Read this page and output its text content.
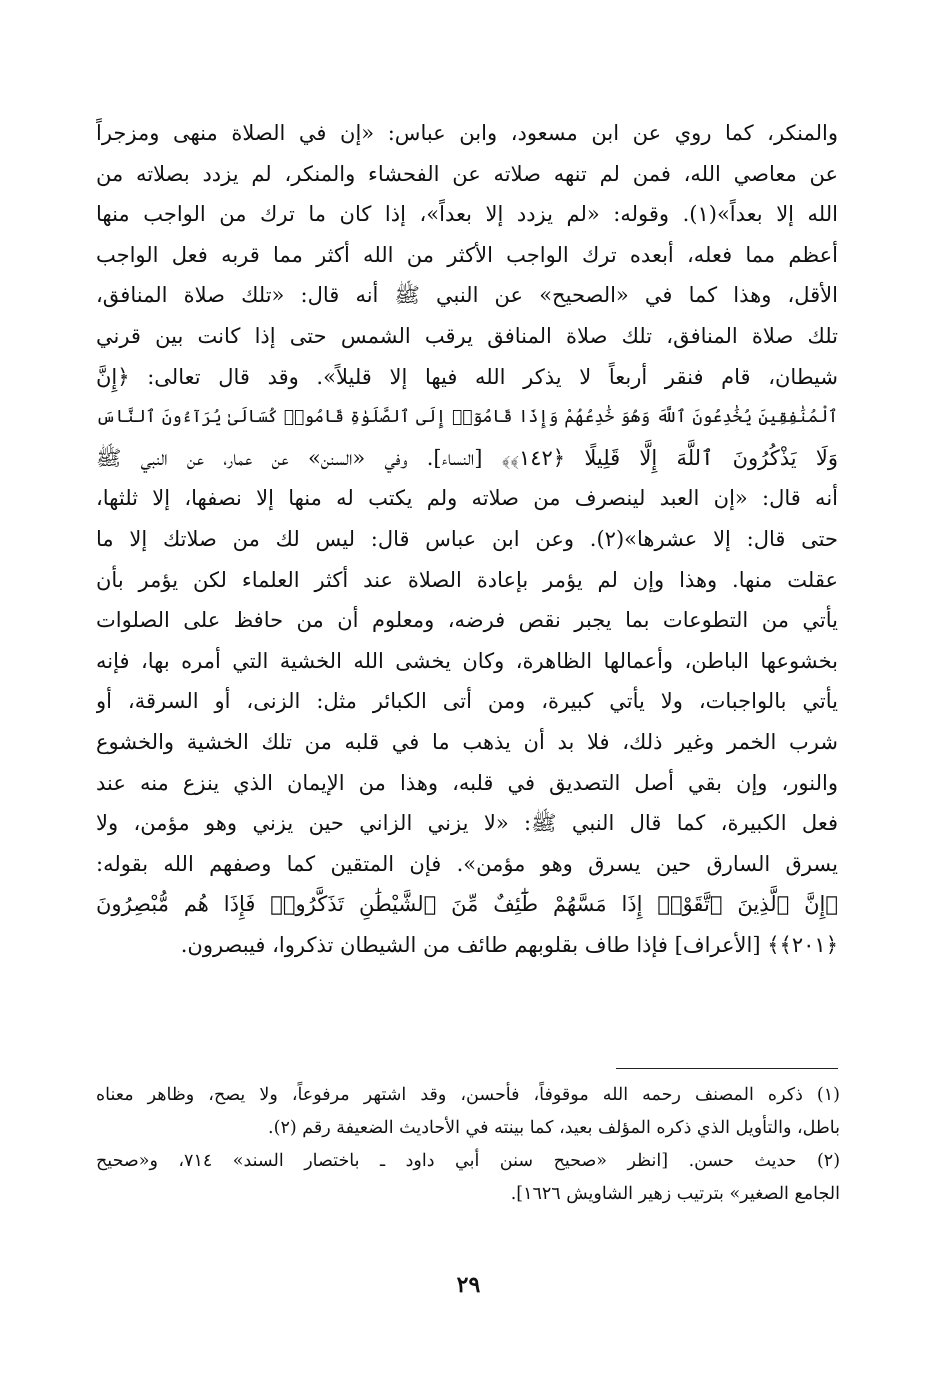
والمنكر، كما روي عن ابن مسعود، وابن عباس: «إن في الصلاة منهى ومزجراً
عن معاصي الله، فمن لم تنهه صلاته عن الفحشاء والمنكر، لم يزدد بصلاته من
الله إلا بعداً»(١). وقوله: «لم يزدد إلا بعداً»، إذا كان ما ترك من الواجب منها
أعظم مما فعله، أبعده ترك الواجب الأكثر من الله أكثر مما قربه فعل الواجب
الأقل، وهذا كما في «الصحيح» عن النبي ﷺ أنه قال: «تلك صلاة المنافق،
تلك صلاة المنافق، تلك صلاة المنافق يرقب الشمس حتى إذا كانت بين قرني
شيطان، قام فنقر أربعاً لا يذكر الله فيها إلا قليلاً». وقد قال تعالى: ﴿إِنَّ
ٱلْمُنَٰفِقِينَ يُخَٰدِعُونَ ٱللَّهَ وَهُوَ خَٰدِعُهُمْ وَإِذَا قَامُوٓا۟ إِلَى ٱلصَّلَوٰةِ قَامُوا۟ كُسَالَىٰ يُرَآءُونَ ٱلنَّاسَ
وَلَا يَذْكُرُونَ ٱللَّهَ إِلَّا قَلِيلًا ﴿١٤٢﴾﴾ [النساء]. وفي «السنن» عن عمار، عن النبي ﷺ
أنه قال: «إن العبد لينصرف من صلاته ولم يكتب له منها إلا نصفها، إلا ثلثها،
حتى قال: إلا عشرها»(٢). وعن ابن عباس قال: ليس لك من صلاتك إلا ما
عقلت منها. وهذا وإن لم يؤمر بإعادة الصلاة عند أكثر العلماء لكن يؤمر بأن
يأتي من التطوعات بما يجبر نقص فرضه، ومعلوم أن من حافظ على الصلوات
بخشوعها الباطن، وأعمالها الظاهرة، وكان يخشى الله الخشية التي أمره بها، فإنه
يأتي بالواجبات، ولا يأتي كبيرة، ومن أتى الكبائر مثل: الزنى، أو السرقة، أو
شرب الخمر وغير ذلك، فلا بد أن يذهب ما في قلبه من تلك الخشية والخشوع
والنور، وإن بقي أصل التصديق في قلبه، وهذا من الإيمان الذي ينزع منه عند
فعل الكبيرة، كما قال النبي ﷺ: «لا يزني الزاني حين يزني وهو مؤمن، ولا
يسرق السارق حين يسرق وهو مؤمن». فإن المتقين كما وصفهم الله بقوله:
﴿إِنَّ ٱلَّذِينَ ٱتَّقَوْا۟ إِذَا مَسَّهُمْ طَٰٓئِفٌ مِّنَ ٱلشَّيْطَٰنِ تَذَكَّرُوا۟ فَإِذَا هُم مُّبْصِرُونَ
﴿٢٠١﴾﴾ [الأعراف] فإذا طاف بقلوبهم طائف من الشيطان تذكروا، فيبصرون.
(١) ذكره المصنف رحمه الله موقوفاً، فأحسن، وقد اشتهر مرفوعاً، ولا يصح، وظاهر معناه
باطل، والتأويل الذي ذكره المؤلف بعيد، كما بينته في الأحاديث الضعيفة رقم (٢).
(٢) حديث حسن. [انظر «صحيح سنن أبي داود ـ باختصار السند» ٧١٤، و«صحيح
الجامع الصغير» بترتيب زهير الشاويش ١٦٢٦].
٢٩
